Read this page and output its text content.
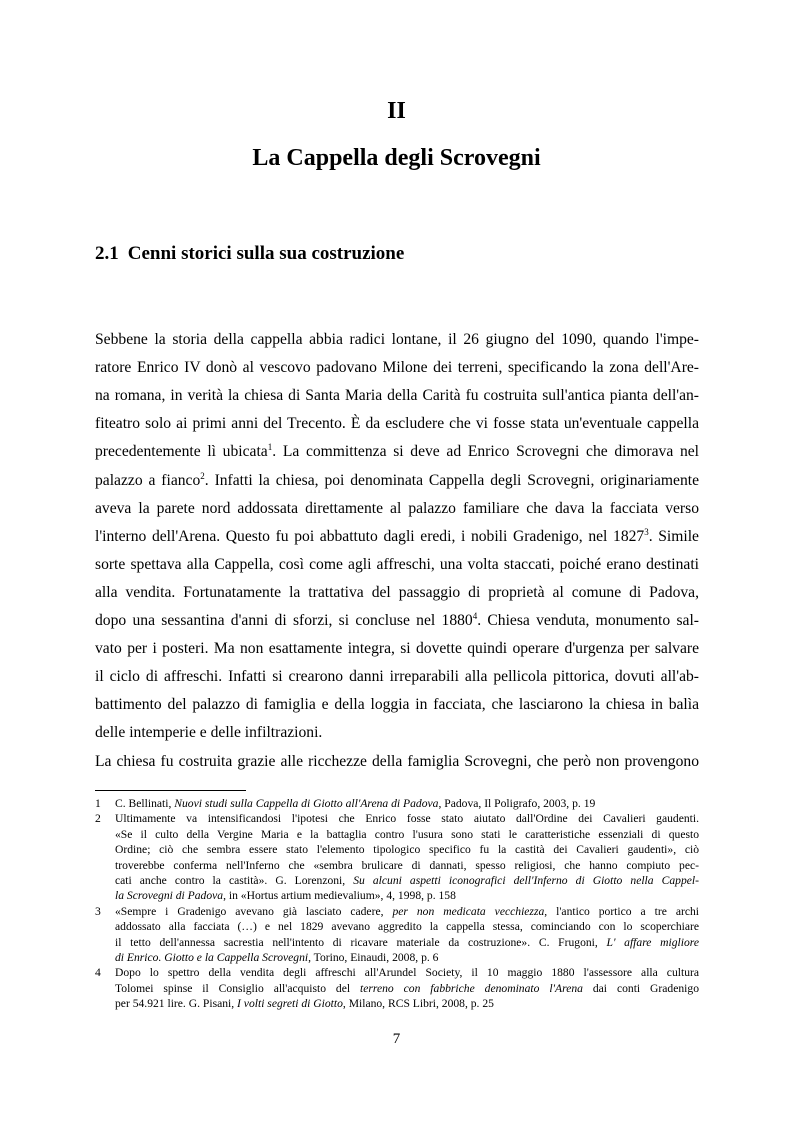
II
La Cappella degli Scrovegni
2.1 Cenni storici sulla sua costruzione
Sebbene la storia della cappella abbia radici lontane, il 26 giugno del 1090, quando l'impe-
ratore Enrico IV donò al vescovo padovano Milone dei terreni, specificando la zona dell'Are-
na romana, in verità la chiesa di Santa Maria della Carità fu costruita sull'antica pianta dell'an-
fiteatro solo ai primi anni del Trecento. È da escludere che vi fosse stata un'eventuale cappella
precedentemente lì ubicata$^1$. La committenza si deve ad Enrico Scrovegni che dimorava nel
palazzo a fianco$^2$. Infatti la chiesa, poi denominata Cappella degli Scrovegni, originariamente
aveva la parete nord addossata direttamente al palazzo familiare che dava la facciata verso
l'interno dell'Arena. Questo fu poi abbattuto dagli eredi, i nobili Gradenigo, nel 1827$^3$. Simile
sorte spettava alla Cappella, così come agli affreschi, una volta staccati, poiché erano destinati
alla vendita. Fortunatamente la trattativa del passaggio di proprietà al comune di Padova,
dopo una sessantina d'anni di sforzi, si concluse nel 1880$^4$. Chiesa venduta, monumento sal-
vato per i posteri. Ma non esattamente integra, si dovette quindi operare d'urgenza per salvare
il ciclo di affreschi. Infatti si crearono danni irreparabili alla pellicola pittorica, dovuti all'ab-
battimento del palazzo di famiglia e della loggia in facciata, che lasciarono la chiesa in balìa
delle intemperie e delle infiltrazioni.
La chiesa fu costruita grazie alle ricchezze della famiglia Scrovegni, che però non provengono
1	C. Bellinati, Nuovi studi sulla Cappella di Giotto all'Arena di Padova, Padova, Il Poligrafo, 2003, p. 19
2	Ultimamente va intensificandosi l'ipotesi che Enrico fosse stato aiutato dall'Ordine dei Cavalieri gaudenti.
«Se il culto della Vergine Maria e la battaglia contro l'usura sono stati le caratteristiche essenziali di questo
Ordine; ciò che sembra essere stato l'elemento tipologico specifico fu la castità dei Cavalieri gaudenti», ciò
troverebbe conferma nell'Inferno che «sembra brulicare di dannati, spesso religiosi, che hanno compiuto pec-
cati anche contro la castità». G. Lorenzoni, Su alcuni aspetti iconografici dell'Inferno di Giotto nella Cappel-
la Scrovegni di Padova, in «Hortus artium medievalium», 4, 1998, p. 158
3	«Sempre i Gradenigo avevano già lasciato cadere, per non medicata vecchiezza, l'antico portico a tre archi
addossato alla facciata (…) e nel 1829 avevano aggredito la cappella stessa, cominciando con lo scoperchiare
il tetto dell'annessa sacrestia nell'intento di ricavare materiale da costruzione». C. Frugoni, L' affare migliore
di Enrico. Giotto e la Cappella Scrovegni, Torino, Einaudi, 2008, p. 6
4	Dopo lo spettro della vendita degli affreschi all'Arundel Society, il 10 maggio 1880 l'assessore alla cultura
Tolomei spinse il Consiglio all'acquisto del terreno con fabbriche denominato l'Arena dai conti Gradenigo
per 54.921 lire. G. Pisani, I volti segreti di Giotto, Milano, RCS Libri, 2008, p. 25
7
